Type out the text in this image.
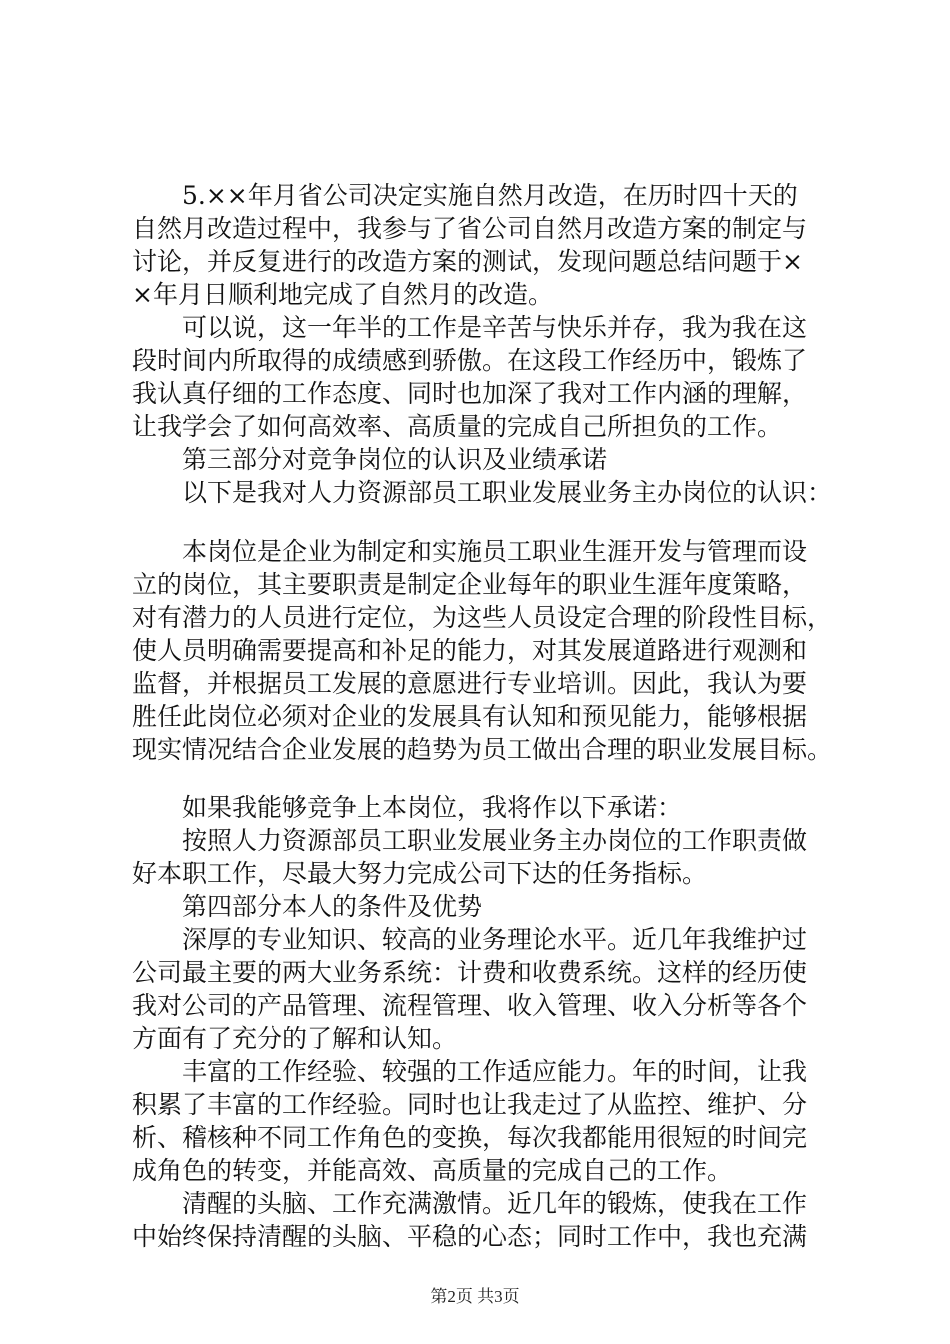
　　5.××年月省公司决定实施自然月改造，在历时四十天的
自然月改造过程中，我参与了省公司自然月改造方案的制定与
讨论，并反复进行的改造方案的测试，发现问题总结问题于×
×年月日顺利地完成了自然月的改造。
　　可以说，这一年半的工作是辛苦与快乐并存，我为我在这
段时间内所取得的成绩感到骄傲。在这段工作经历中，锻炼了
我认真仔细的工作态度、同时也加深了我对工作内涵的理解，
让我学会了如何高效率、高质量的完成自己所担负的工作。
　　第三部分对竞争岗位的认识及业绩承诺
　　以下是我对人力资源部员工职业发展业务主办岗位的认识：
　　本岗位是企业为制定和实施员工职业生涯开发与管理而设
立的岗位，其主要职责是制定企业每年的职业生涯年度策略，
对有潜力的人员进行定位，为这些人员设定合理的阶段性目标，
使人员明确需要提高和补足的能力，对其发展道路进行观测和
监督，并根据员工发展的意愿进行专业培训。因此，我认为要
胜任此岗位必须对企业的发展具有认知和预见能力，能够根据
现实情况结合企业发展的趋势为员工做出合理的职业发展目标。
　　如果我能够竞争上本岗位，我将作以下承诺：
　　按照人力资源部员工职业发展业务主办岗位的工作职责做
好本职工作，尽最大努力完成公司下达的任务指标。
　　第四部分本人的条件及优势
　　深厚的专业知识、较高的业务理论水平。近几年我维护过
公司最主要的两大业务系统：计费和收费系统。这样的经历使
我对公司的产品管理、流程管理、收入管理、收入分析等各个
方面有了充分的了解和认知。
　　丰富的工作经验、较强的工作适应能力。年的时间，让我
积累了丰富的工作经验。同时也让我走过了从监控、维护、分
析、稽核种不同工作角色的变换，每次我都能用很短的时间完
成角色的转变，并能高效、高质量的完成自己的工作。
　　清醒的头脑、工作充满激情。近几年的锻炼，使我在工作
中始终保持清醒的头脑、平稳的心态；同时工作中，我也充满
第2页 共3页
